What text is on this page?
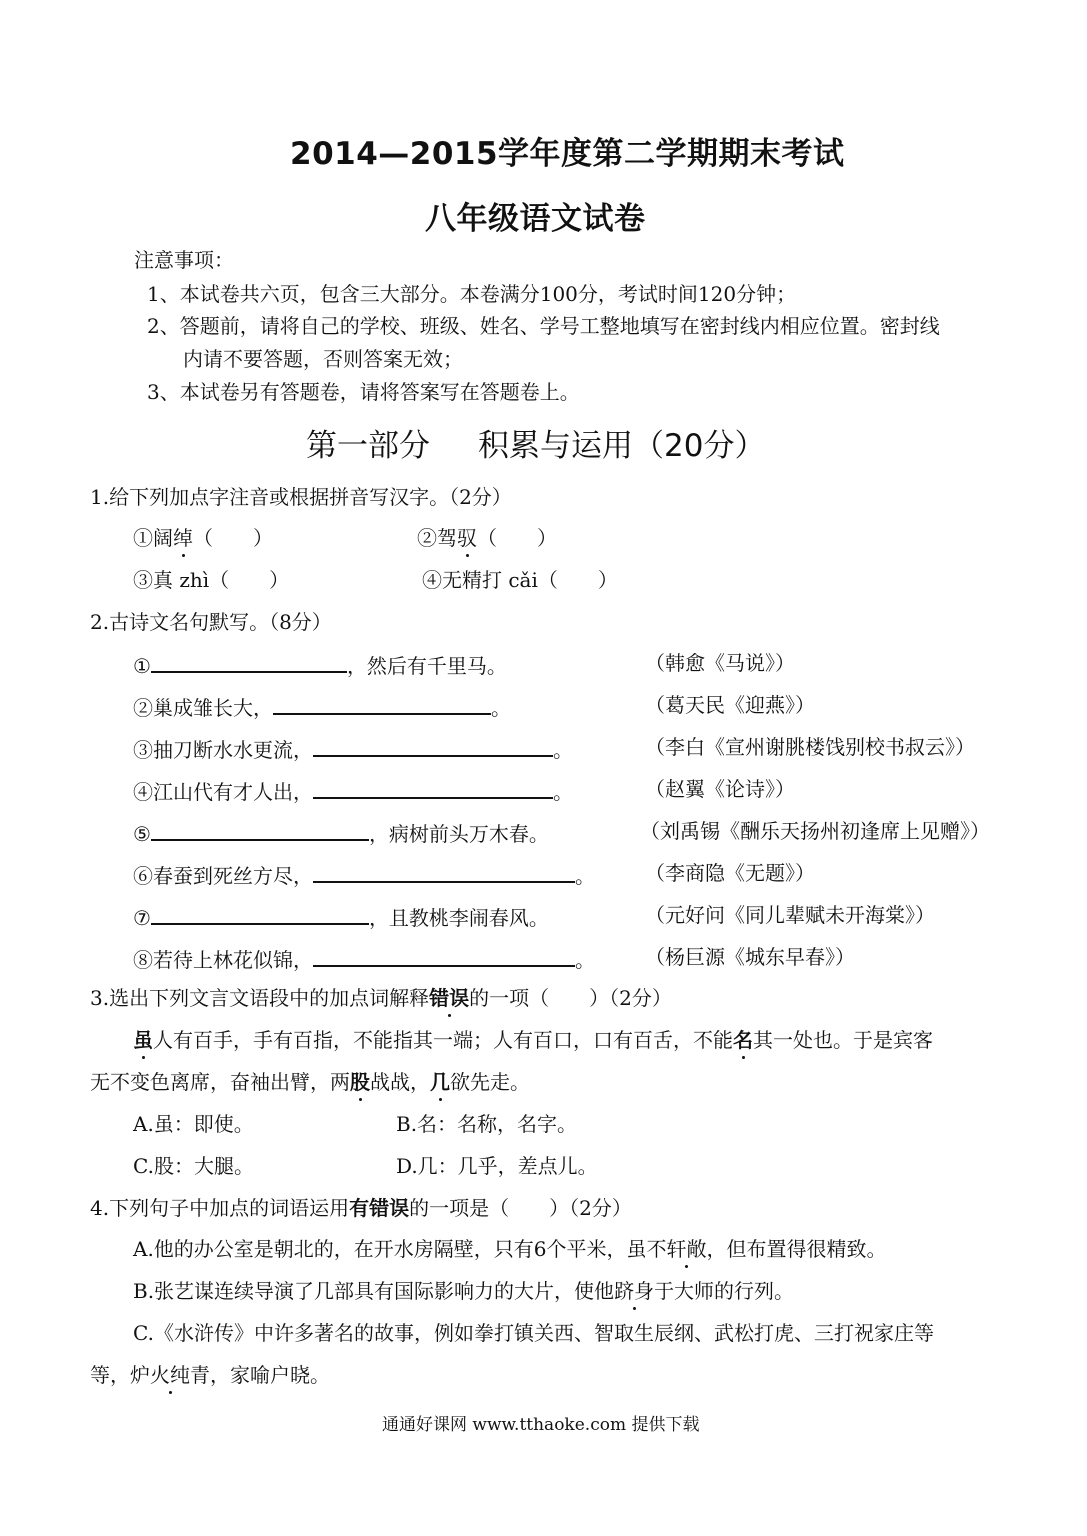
2014—2015学年度第二学期期末考试
八年级语文试卷
注意事项：
1、本试卷共六页，包含三大部分。本卷满分100分，考试时间120分钟；
2、答题前，请将自己的学校、班级、姓名、学号工整地填写在密封线内相应位置。密封线
内请不要答题，否则答案无效；
3、本试卷另有答题卷，请将答案写在答题卷上。
第一部分 积累与运用（20分）
1.给下列加点字注音或根据拼音写汉字。（2分）
①阔绰（　　）	②驾驭（　　）
③真 zhì（　　）	④无精打 cǎi（　　）
2.古诗文名句默写。（8分）
①	，然后有千里马。	（韩愈《马说》）
②巢成雏长大，	。	（葛天民《迎燕》）
③抽刀断水水更流，	。	（李白《宣州谢朓楼饯别校书叔云》）
④江山代有才人出，	。	（赵翼《论诗》）
⑤	，病树前头万木春。	（刘禹锡《酬乐天扬州初逢席上见赠》）
⑥春蚕到死丝方尽，	。	（李商隐《无题》）
⑦	，且教桃李闹春风。	（元好问《同儿辈赋未开海棠》）
⑧若待上林花似锦，	。	（杨巨源《城东早春》）
3.选出下列文言文语段中的加点词解释错误的一项（　　）（2分）
虽人有百手，手有百指，不能指其一端；人有百口，口有百舌，不能名其一处也。于是宾客
无不变色离席，奋袖出臂，两股战战，几欲先走。
A.虽：即使。	B.名：名称，名字。
C.股：大腿。	D.几：几乎，差点儿。
4.下列句子中加点的词语运用有错误的一项是（　　）（2分）
A.他的办公室是朝北的，在开水房隔壁，只有6个平米，虽不轩敞，但布置得很精致。
B.张艺谋连续导演了几部具有国际影响力的大片，使他跻身于大师的行列。
C.《水浒传》中许多著名的故事，例如拳打镇关西、智取生辰纲、武松打虎、三打祝家庄等
等，炉火纯青，家喻户晓。
通通好课网 www.tthaoke.com 提供下载
